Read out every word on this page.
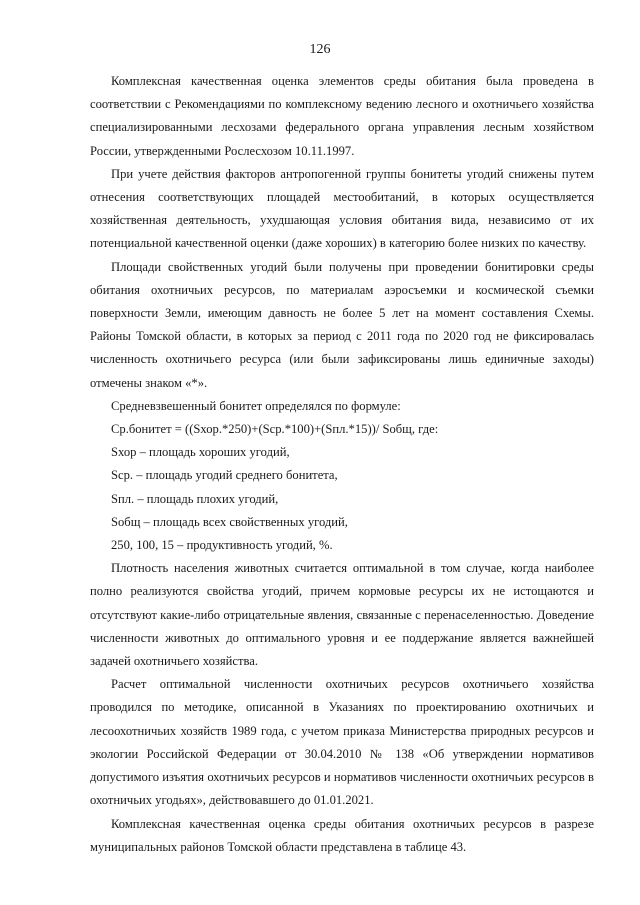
126

Комплексная качественная оценка элементов среды обитания была проведена в соответствии с Рекомендациями по комплексному ведению лесного и охотничьего хозяйства специализированными лесхозами федерального органа управления лесным хозяйством России, утвержденными Рослесхозом 10.11.1997.

При учете действия факторов антропогенной группы бонитеты угодий снижены путем отнесения соответствующих площадей местообитаний, в которых осуществляется хозяйственная деятельность, ухудшающая условия обитания вида, независимо от их потенциальной качественной оценки (даже хороших) в категорию более низких по качеству.

Площади свойственных угодий были получены при проведении бонитировки среды обитания охотничьих ресурсов, по материалам аэросъемки и космической съемки поверхности Земли, имеющим давность не более 5 лет на момент составления Схемы. Районы Томской области, в которых за период с 2011 года по 2020 год не фиксировалась численность охотничьего ресурса (или были зафиксированы лишь единичные заходы) отмечены знаком «*».

Средневзвешенный бонитет определялся по формуле:

Ср.бонитет = ((Sхор.*250)+(Scp.*100)+(Sпл.*15))/ Sобщ, где:

Sхор – площадь хороших угодий,

Scp. – площадь угодий среднего бонитета,

Sпл. – площадь плохих угодий,

Sобщ – площадь всех свойственных угодий,

250, 100, 15 – продуктивность угодий, %.

Плотность населения животных считается оптимальной в том случае, когда наиболее полно реализуются свойства угодий, причем кормовые ресурсы их не истощаются и отсутствуют какие-либо отрицательные явления, связанные с перенаселенностью. Доведение численности животных до оптимального уровня и ее поддержание является важнейшей задачей охотничьего хозяйства.

Расчет оптимальной численности охотничьих ресурсов охотничьего хозяйства проводился по методике, описанной в Указаниях по проектированию охотничьих и лесоохотничьих хозяйств 1989 года, с учетом приказа Министерства природных ресурсов и экологии Российской Федерации от 30.04.2010 № 138 «Об утверждении нормативов допустимого изъятия охотничьих ресурсов и нормативов численности охотничьих ресурсов в охотничьих угодьях», действовавшего до 01.01.2021.

Комплексная качественная оценка среды обитания охотничьих ресурсов в разрезе муниципальных районов Томской области представлена в таблице 43.
